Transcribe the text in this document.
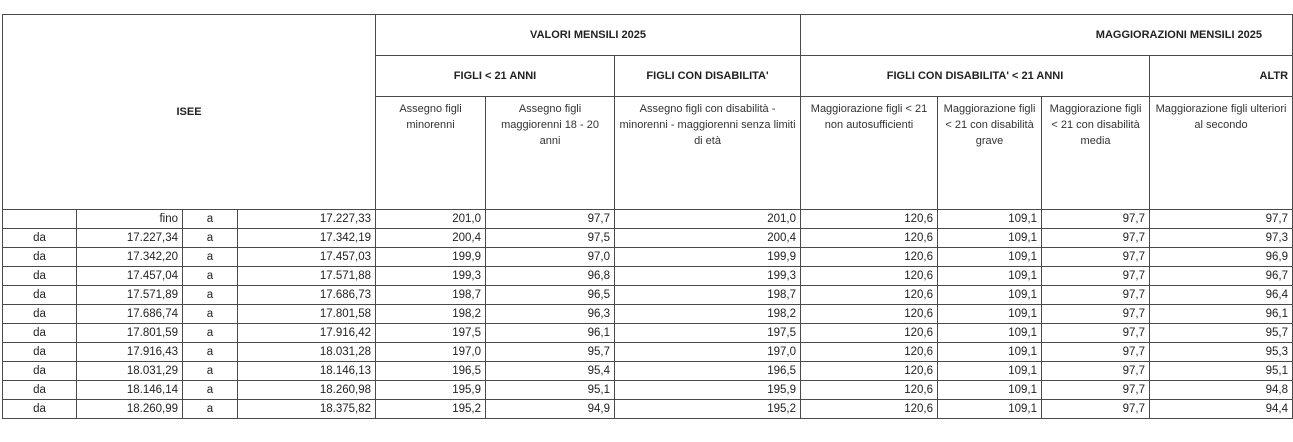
ISEE				VALORI MENSILI 2025			MAGGIORAZIONI MENSILI 2025			
				FIGLI < 21 ANNI		FIGLI CON DISABILITA'	FIGLI CON DISABILITA' < 21 ANNI			ALTR
				Assegno figli minorenni	Assegno figli maggiorenni 18 - 20 anni	Assegno figli con disabilità - minorenni - maggiorenni senza limiti di età	Maggiorazione figli < 21 non autosufficienti	Maggiorazione figli < 21 con disabilità grave	Maggiorazione figli < 21 con disabilità media	Maggiorazione figli ulteriori al secondo
	fino	a	17.227,33	201,0	97,7	201,0	120,6	109,1	97,7	97,7
da	17.227,34	a	17.342,19	200,4	97,5	200,4	120,6	109,1	97,7	97,3
da	17.342,20	a	17.457,03	199,9	97,0	199,9	120,6	109,1	97,7	96,9
da	17.457,04	a	17.571,88	199,3	96,8	199,3	120,6	109,1	97,7	96,7
da	17.571,89	a	17.686,73	198,7	96,5	198,7	120,6	109,1	97,7	96,4
da	17.686,74	a	17.801,58	198,2	96,3	198,2	120,6	109,1	97,7	96,1
da	17.801,59	a	17.916,42	197,5	96,1	197,5	120,6	109,1	97,7	95,7
da	17.916,43	a	18.031,28	197,0	95,7	197,0	120,6	109,1	97,7	95,3
da	18.031,29	a	18.146,13	196,5	95,4	196,5	120,6	109,1	97,7	95,1
da	18.146,14	a	18.260,98	195,9	95,1	195,9	120,6	109,1	97,7	94,8
da	18.260,99	a	18.375,82	195,2	94,9	195,2	120,6	109,1	97,7	94,4
